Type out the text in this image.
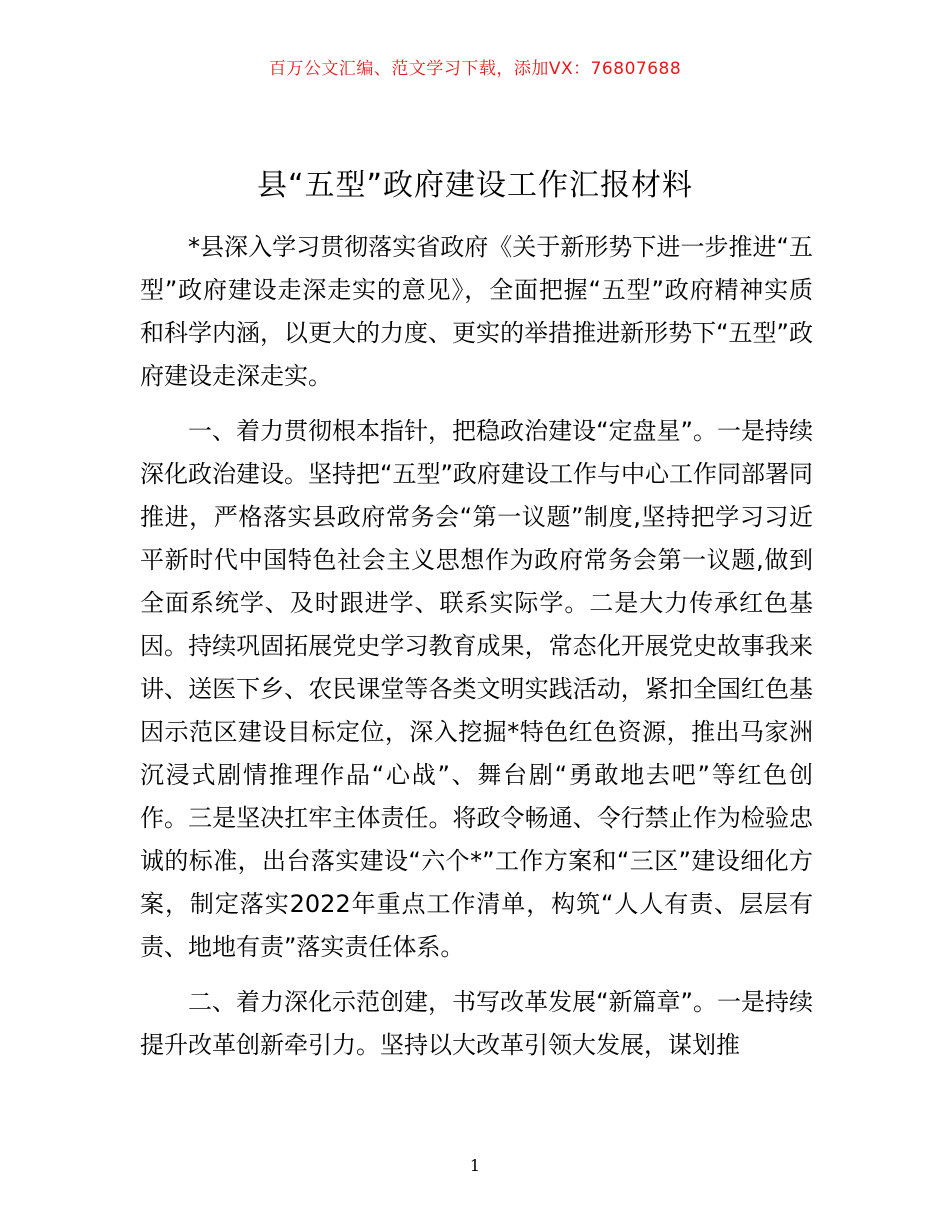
百万公文汇编、范文学习下载，添加VX：76807688
县“五型”政府建设工作汇报材料

*县深入学习贯彻落实省政府《关于新形势下进一步推进“五型”政府建设走深走实的意见》，全面把握“五型”政府精神实质和科学内涵，以更大的力度、更实的举措推进新形势下“五型”政府建设走深走实。

一、着力贯彻根本指针，把稳政治建设“定盘星”。一是持续深化政治建设。坚持把“五型”政府建设工作与中心工作同部署同推进，严格落实县政府常务会“第一议题”制度,坚持把学习习近平新时代中国特色社会主义思想作为政府常务会第一议题,做到全面系统学、及时跟进学、联系实际学。二是大力传承红色基因。持续巩固拓展党史学习教育成果，常态化开展党史故事我来讲、送医下乡、农民课堂等各类文明实践活动，紧扣全国红色基因示范区建设目标定位，深入挖掘*特色红色资源，推出马家洲沉浸式剧情推理作品“心战”、舞台剧“勇敢地去吧”等红色创作。三是坚决扛牢主体责任。将政令畅通、令行禁止作为检验忠诚的标准，出台落实建设“六个*”工作方案和“三区”建设细化方案，制定落实2022年重点工作清单，构筑“人人有责、层层有责、地地有责”落实责任体系。

二、着力深化示范创建，书写改革发展“新篇章”。一是持续提升改革创新牵引力。坚持以大改革引领大发展，谋划推

1
